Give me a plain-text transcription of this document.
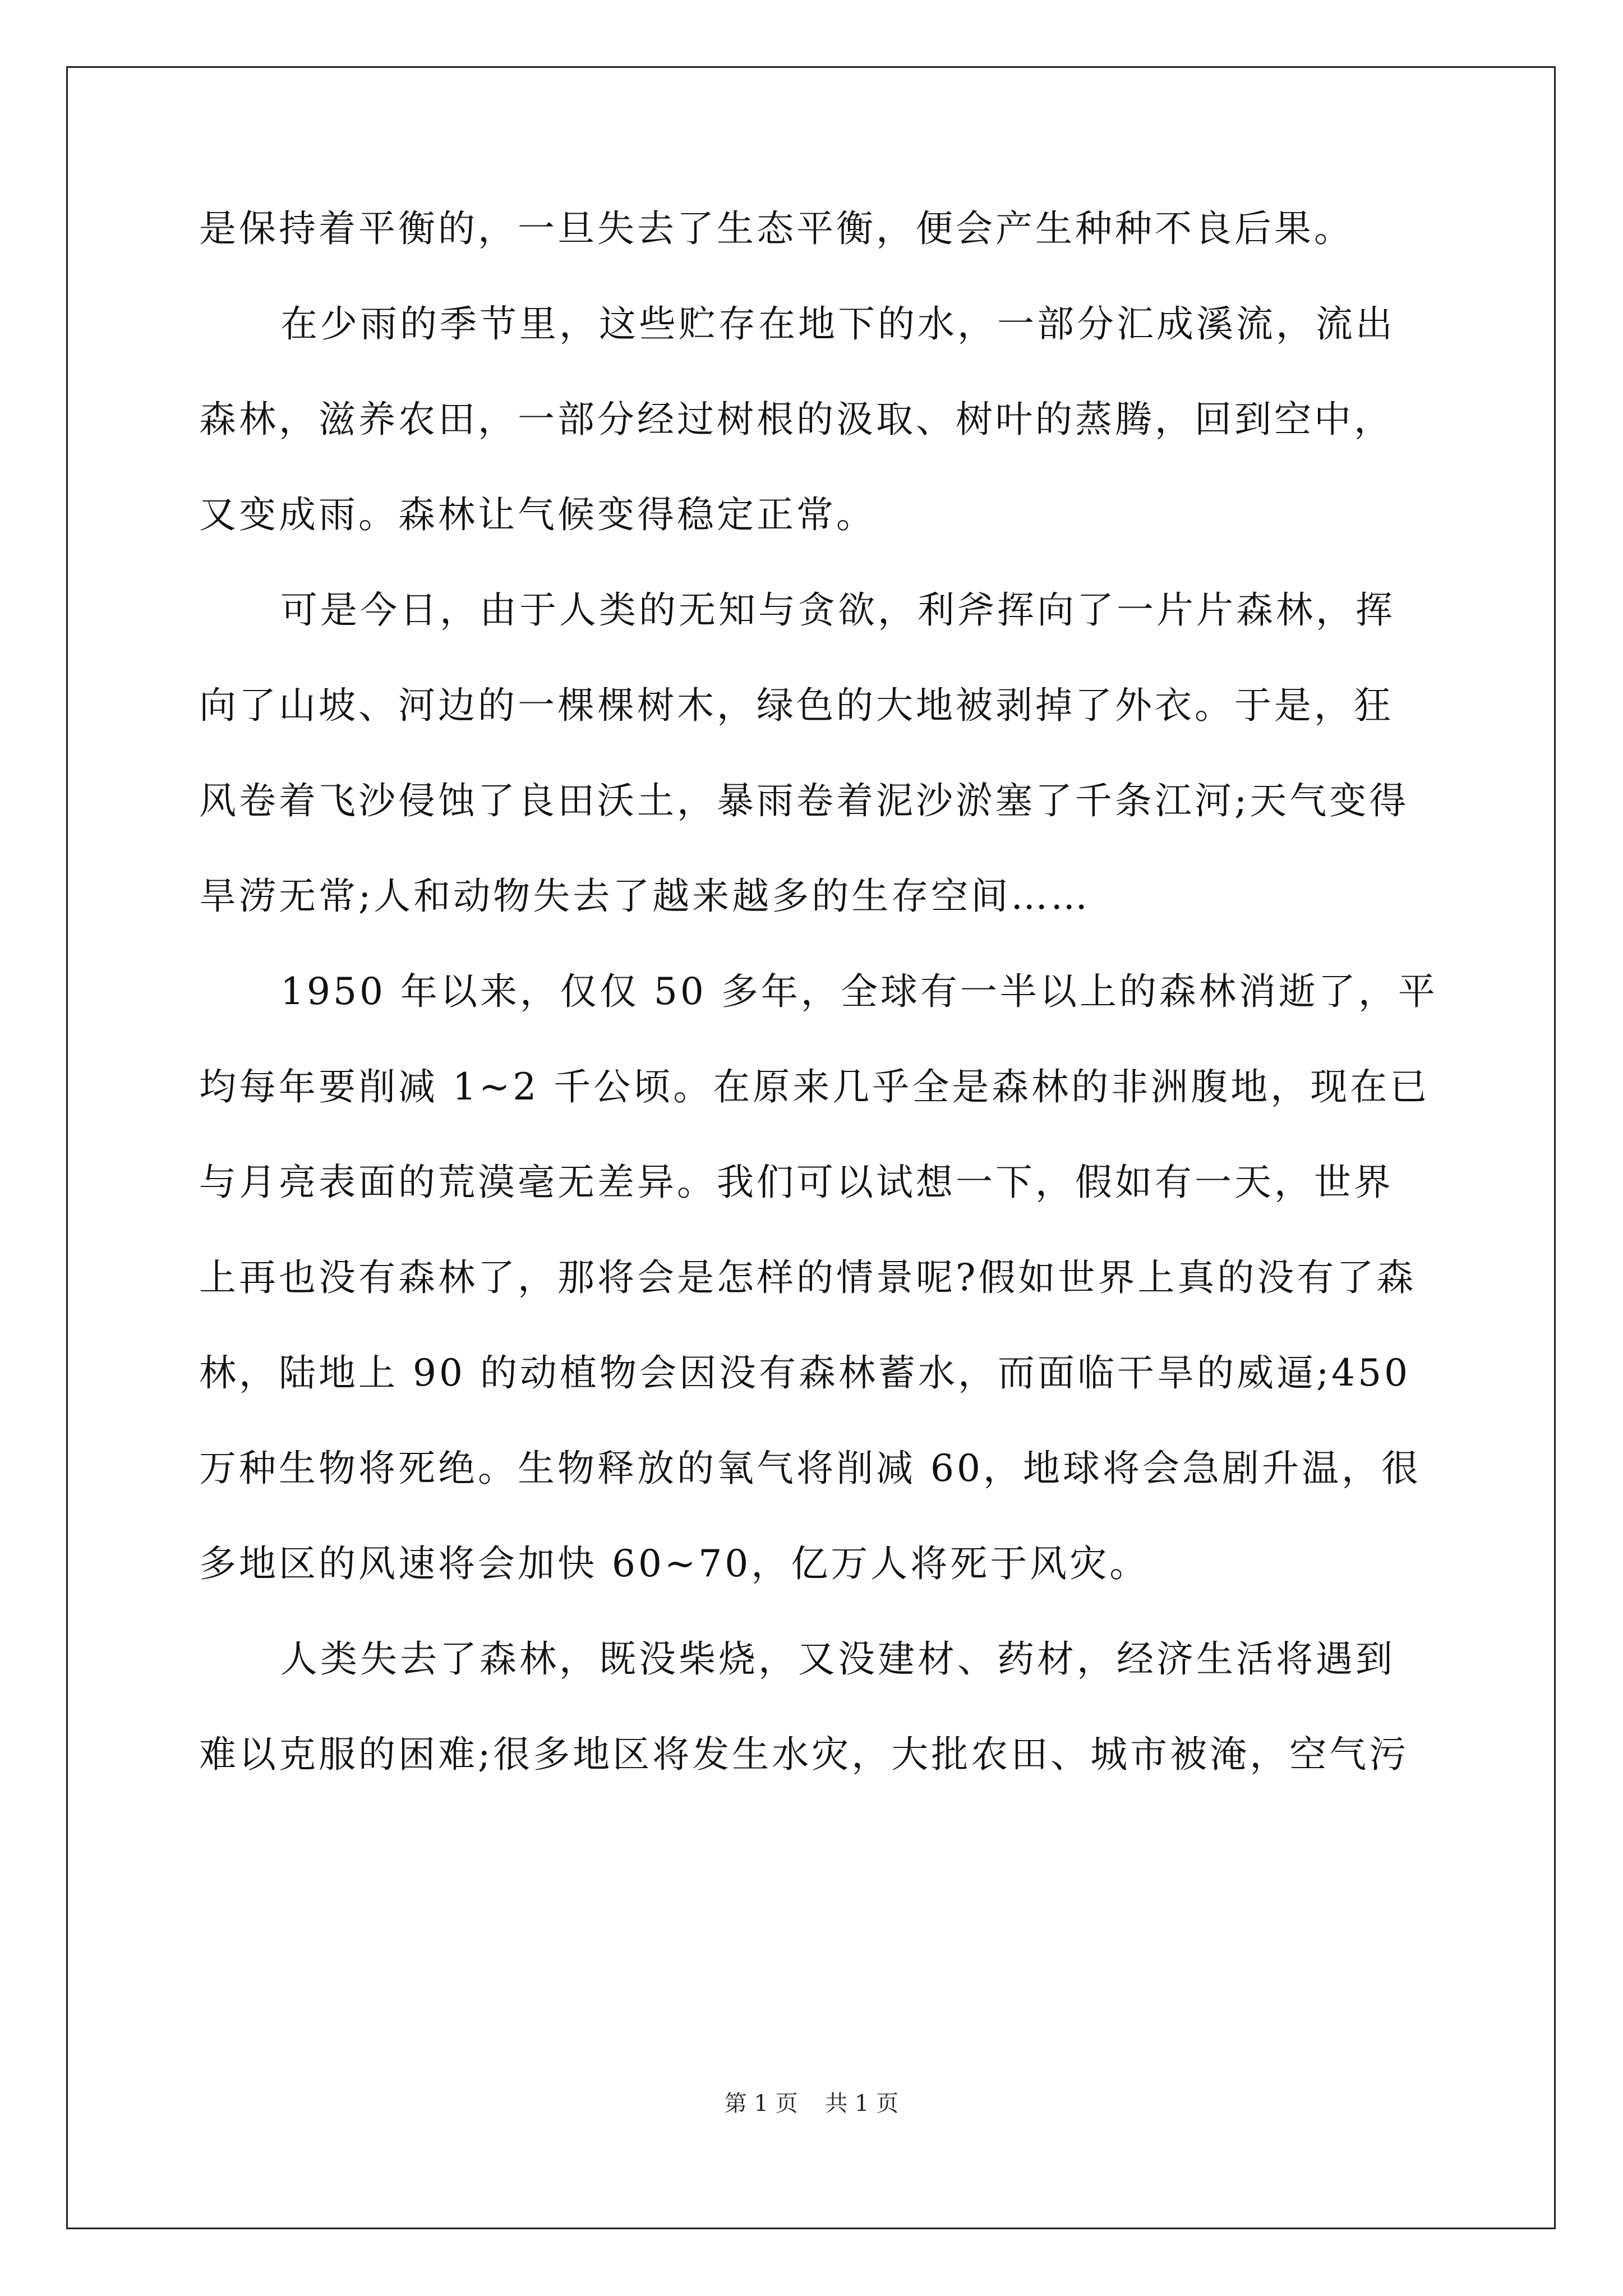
是保持着平衡的，一旦失去了生态平衡，便会产生种种不良后果。
在少雨的季节里，这些贮存在地下的水，一部分汇成溪流，流出
森林，滋养农田，一部分经过树根的汲取、树叶的蒸腾，回到空中，
又变成雨。森林让气候变得稳定正常。
可是今日，由于人类的无知与贪欲，利斧挥向了一片片森林，挥
向了山坡、河边的一棵棵树木，绿色的大地被剥掉了外衣。于是，狂
风卷着飞沙侵蚀了良田沃土，暴雨卷着泥沙淤塞了千条江河;天气变得
旱涝无常;人和动物失去了越来越多的生存空间……
1950 年以来，仅仅 50 多年，全球有一半以上的森林消逝了，平
均每年要削减 1~2 千公顷。在原来几乎全是森林的非洲腹地，现在已
与月亮表面的荒漠毫无差异。我们可以试想一下，假如有一天，世界
上再也没有森林了，那将会是怎样的情景呢?假如世界上真的没有了森
林，陆地上 90 的动植物会因没有森林蓄水，而面临干旱的威逼;450
万种生物将死绝。生物释放的氧气将削减 60，地球将会急剧升温，很
多地区的风速将会加快 60~70，亿万人将死于风灾。
人类失去了森林，既没柴烧，又没建材、药材，经济生活将遇到
难以克服的困难;很多地区将发生水灾，大批农田、城市被淹，空气污
第 1 页 共 1 页
